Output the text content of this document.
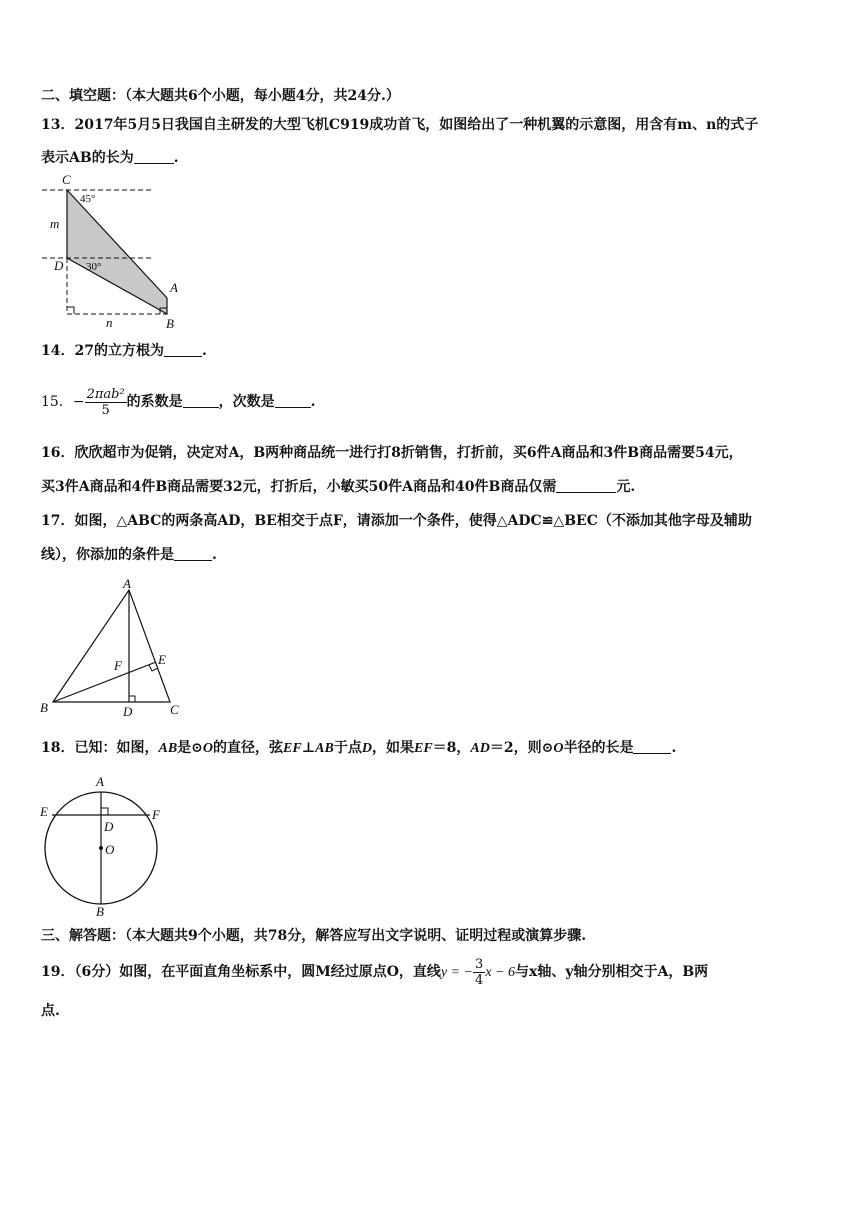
二、填空题：（本大题共6个小题，每小题4分，共24分.）
13．2017年5月5日我国自主研发的大型飞机C919成功首飞，如图给出了一种机翼的示意图，用含有m、n的式子
表示AB的长为	.
C
m
D
A
B
n
45°
30°
14．27的立方根为	.
15．− $\frac{\text{2πab²}}{5}$ 的系数是	，次数是	.
16．欣欣超市为促销，决定对A，B两种商品统一进行打8折销售，打折前，买6件A商品和3件B商品需要54元，
买3件A商品和4件B商品需要32元，打折后，小敏买50件A商品和40件B商品仅需	元.
17．如图，△ABC的两条高AD，BE相交于点F，请添加一个条件，使得△ADC≌△BEC（不添加其他字母及辅助
线），你添加的条件是	.
A
B	C
D
E
F
18．已知：如图，AB是⊙O的直径，弦EF⊥AB于点D，如果EF＝8，AD＝2，则⊙O半径的长是	.
A
B
E	F
D
O
三、解答题：（本大题共9个小题，共78分，解答应写出文字说明、证明过程或演算步骤.
19．（6分）如图，在平面直角坐标系中，圆M经过原点O，直线y = − $\frac{3}{4}$ x − 6与x轴、y轴分别相交于A，B两
点.
